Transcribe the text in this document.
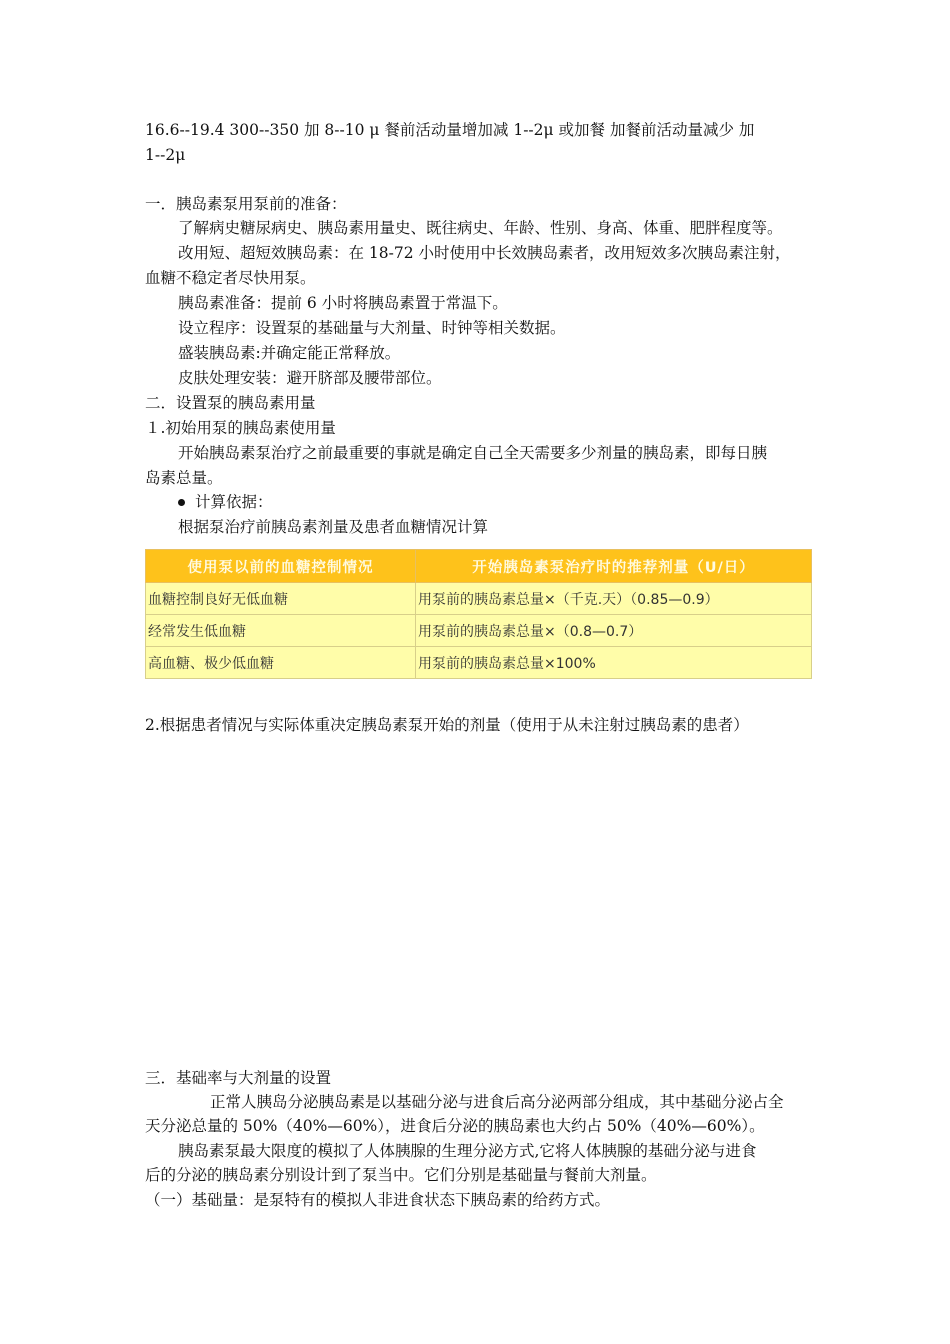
16.6--19.4 300--350 加 8--10 μ 餐前活动量增加减 1--2μ 或加餐 加餐前活动量减少 加
1--2μ
一．胰岛素泵用泵前的准备：
了解病史糖尿病史、胰岛素用量史、既往病史、年龄、性别、身高、体重、肥胖程度等。
改用短、超短效胰岛素：在 18-72 小时使用中长效胰岛素者，改用短效多次胰岛素注射，
血糖不稳定者尽快用泵。
胰岛素准备：提前 6 小时将胰岛素置于常温下。
设立程序：设置泵的基础量与大剂量、时钟等相关数据。
盛装胰岛素:并确定能正常释放。
皮肤处理安装：避开脐部及腰带部位。
二．设置泵的胰岛素用量
１.初始用泵的胰岛素使用量
开始胰岛素泵治疗之前最重要的事就是确定自己全天需要多少剂量的胰岛素，即每日胰
岛素总量。
计算依据：
根据泵治疗前胰岛素剂量及患者血糖情况计算
使用泵以前的血糖控制情况	开始胰岛素泵治疗时的推荐剂量（U/日）
血糖控制良好无低血糖	用泵前的胰岛素总量×（千克.天）（0.85—0.9）
经常发生低血糖	用泵前的胰岛素总量×（0.8—0.7）
高血糖、极少低血糖	用泵前的胰岛素总量×100%
2.根据患者情况与实际体重决定胰岛素泵开始的剂量（使用于从未注射过胰岛素的患者）
三．基础率与大剂量的设置
正常人胰岛分泌胰岛素是以基础分泌与进食后高分泌两部分组成，其中基础分泌占全
天分泌总量的 50%（40%—60%），进食后分泌的胰岛素也大约占 50%（40%—60%）。
胰岛素泵最大限度的模拟了人体胰腺的生理分泌方式,它将人体胰腺的基础分泌与进食
后的分泌的胰岛素分别设计到了泵当中。它们分别是基础量与餐前大剂量。
（一）基础量：是泵特有的模拟人非进食状态下胰岛素的给药方式。
